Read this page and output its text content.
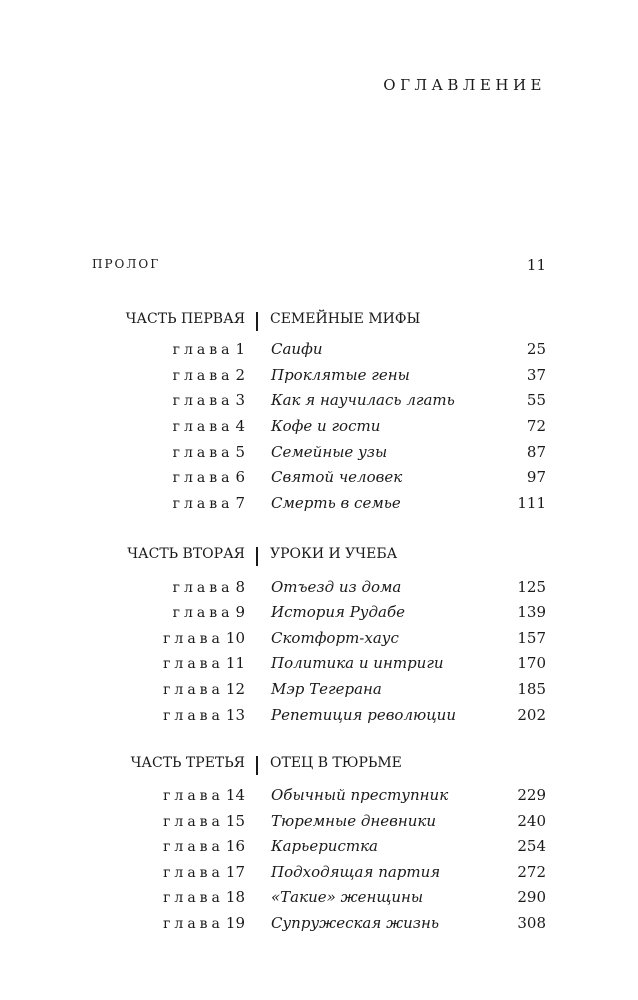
ОГЛАВЛЕНИЕ
ПРОЛОГ	11
ЧАСТЬ ПЕРВАЯ СЕМЕЙНЫЕ МИФЫ
глава 1 Саифи	25
глава 2 Проклятые гены	37
глава 3 Как я научилась лгать	55
глава 4 Кофе и гости	72
глава 5 Семейные узы	87
глава 6 Святой человек	97
глава 7 Смерть в семье	111
ЧАСТЬ ВТОРАЯ УРОКИ И УЧЕБА
глава 8 Отъезд из дома	125
глава 9 История Рудабе	139
глава 10 Скотфорт-хаус	157
глава 11 Политика и интриги	170
глава 12 Мэр Тегерана	185
глава 13 Репетиция революции	202
ЧАСТЬ ТРЕТЬЯ ОТЕЦ В ТЮРЬМЕ
глава 14 Обычный преступник	229
глава 15 Тюремные дневники	240
глава 16 Карьеристка	254
глава 17 Подходящая партия	272
глава 18 «Такие» женщины	290
глава 19 Супружеская жизнь	308
